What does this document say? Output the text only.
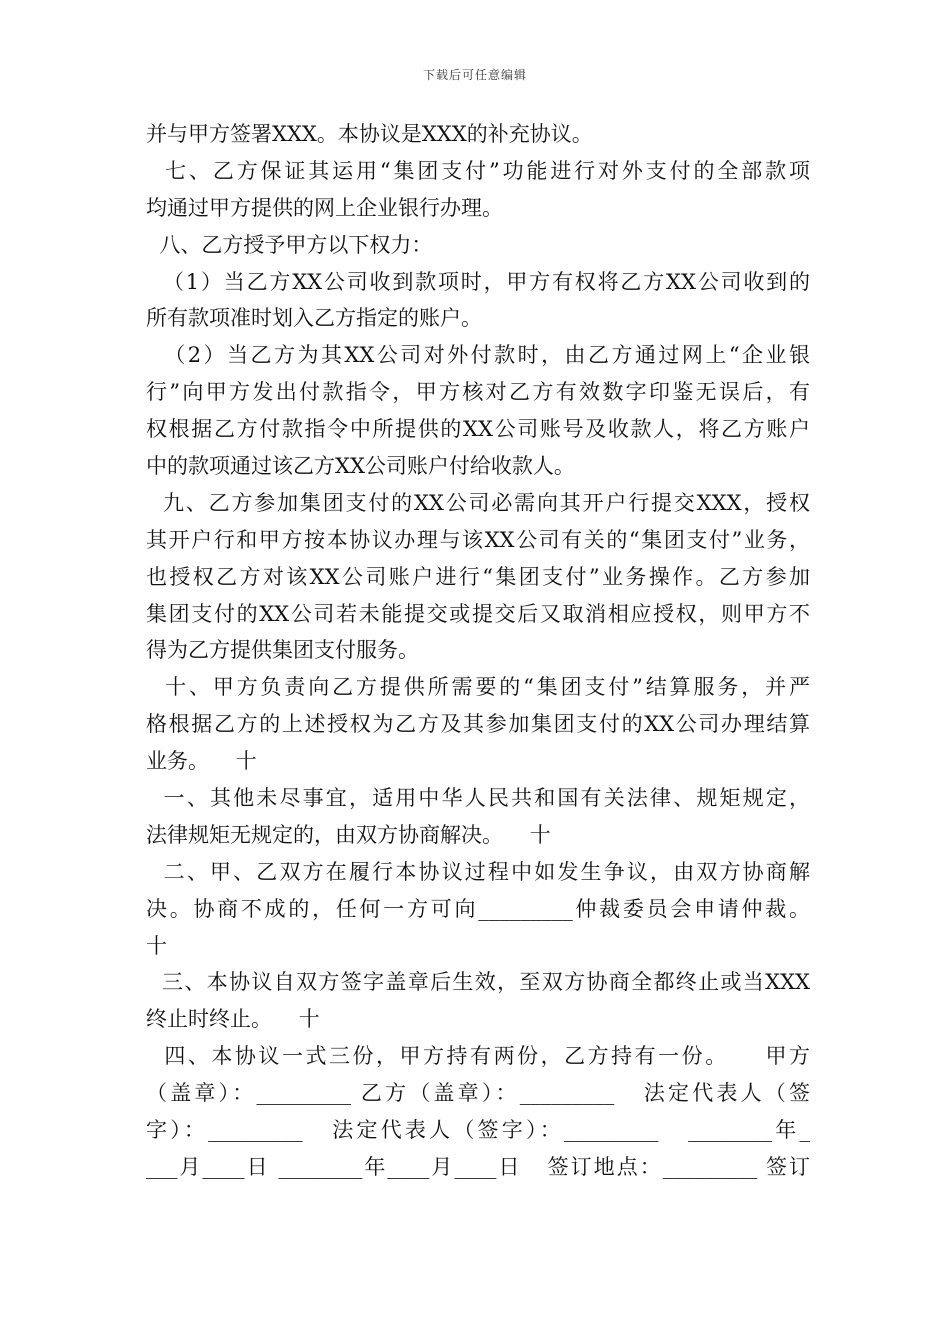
下载后可任意编辑
并与甲方签署XXX。本协议是XXX的补充协议。
七、乙方保证其运用“集团支付”功能进行对外支付的全部款项
均通过甲方提供的网上企业银行办理。
八、乙方授予甲方以下权力：
（1）当乙方XX公司收到款项时，甲方有权将乙方XX公司收到的
所有款项准时划入乙方指定的账户。
（2）当乙方为其XX公司对外付款时，由乙方通过网上“企业银
行”向甲方发出付款指令，甲方核对乙方有效数字印鉴无误后，有
权根据乙方付款指令中所提供的XX公司账号及收款人，将乙方账户
中的款项通过该乙方XX公司账户付给收款人。
九、乙方参加集团支付的XX公司必需向其开户行提交XXX，授权
其开户行和甲方按本协议办理与该XX公司有关的“集团支付”业务，
也授权乙方对该XX公司账户进行“集团支付”业务操作。乙方参加
集团支付的XX公司若未能提交或提交后又取消相应授权，则甲方不
得为乙方提供集团支付服务。
十、甲方负责向乙方提供所需要的“集团支付”结算服务，并严
格根据乙方的上述授权为乙方及其参加集团支付的XX公司办理结算
业务。    十
一、其他未尽事宜，适用中华人民共和国有关法律、规矩规定，
法律规矩无规定的，由双方协商解决。    十
二、甲、乙双方在履行本协议过程中如发生争议，由双方协商解
决。协商不成的，任何一方可向_________仲裁委员会申请仲裁。
十
三、本协议自双方签字盖章后生效，至双方协商全都终止或当XXX
终止时终止。    十
四、本协议一式三份，甲方持有两份，乙方持有一份。    甲方
（盖章）：_________ 乙方（盖章）：_________   法定代表人（签
字）：_________   法定代表人（签字）：_________   ________年_
___月____日 ________年____月____日   签订地点：_________ 签订
